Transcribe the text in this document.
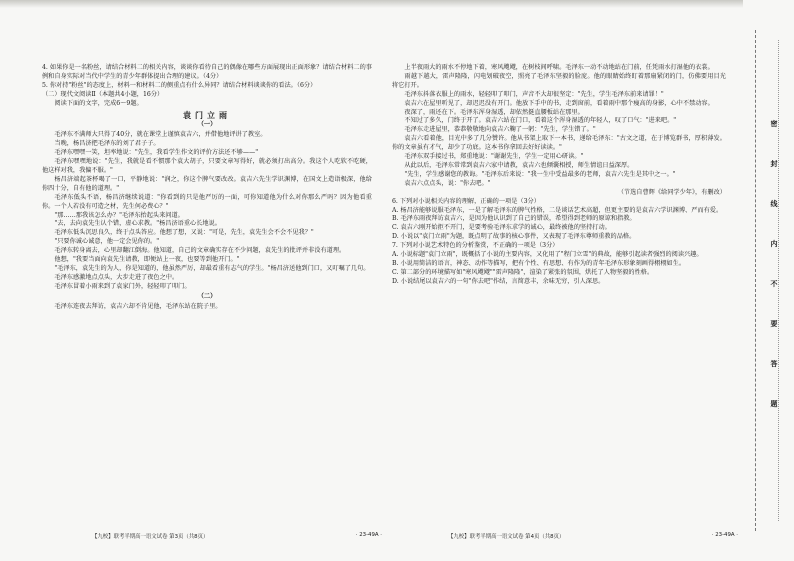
4. 如果你是一名粉丝，请结合材料二的相关内容，谈谈你看待自己的偶像在哪些方面展现出正面形象？请结合材料二的事例和自身实际对当代中学生的青少年群体提出合理的建议。（4分）

5. 你对持"粉丝"的态度上，材料一和材料二的侧重点有什么异同？请结合材料谈谈你的看法。（6分）

（二）现代文阅读Ⅱ（本题共4小题，16分）

阅读下面的文字，完成6～9题。

袁门立雨
（一）

毛泽东不满师大只得了40分，就在课堂上谨慎袁吉六，并借他地评讲了教室。

当晚，杨昌济把毛泽东的刘了君子子。

毛泽东嘿嘿一笑，坦率地说："先生，我看学生作文的评价方法还不够——"

毛泽东嘿嘿地说："先生，我就是看不惯那个袁大胡子，只要文章写得好，就必须打出高分。我这个人吃软不吃硬，他这样对我，我偏不服。"

杨昌济端起茶杯喝了一口，平静地说："润之，你这个脾气要改改。袁吉六先生学识渊博，在国文上造诣极深，他给你四十分，自有他的道理。"

毛泽东低头不语，杨昌济继续说道："你看到的只是他严厉的一面，可你知道他为什么对你那么严吗？因为他看重你。一个人若没有可造之材，先生何必费心？"

"那……那我该怎么办？"毛泽东抬起头来问道。

"去，去向袁先生认个错，虚心求教。"杨昌济语重心长地说。

毛泽东低头沉思良久，终于点头答应。他想了想，又说："可是，先生，袁先生会不会不见我？"

"只要你诚心诚意，他一定会见你的。"

毛泽东转身离去，心里却翻江倒海。他知道，自己的文章确实存在不少问题，袁先生的批评并非没有道理。

他想，"我要当面向袁先生请教，即便站上一夜，也要等到他开门。"

"毛泽东，袁先生的为人，你是知道的，他虽然严厉，却最看重有志气的学生。"杨昌济送他到门口，又叮嘱了几句。

毛泽东感激地点点头，大步走进了夜色之中。

毛泽东冒着小雨来到了袁家门外，轻轻叩了叩门。

（二）

毛泽东连夜去拜访，袁吉六却不肯见他，毛泽东站在院子里。

上半夜雨大的雨水不停地下着，寒风飕飕，在树枝间呼啸。毛泽东一动不动地站在门前，任凭雨水打湿他的衣裳。

雨越下越大，雷声隆隆，闪电划破夜空，照亮了毛泽东坚毅的脸庞。他的眼睛始终盯着那扇紧闭的门，仿佛要用目光将它打开。

毛泽东抖落衣服上的雨水，轻轻叩了叩门，声音不大却很坚定："先生，学生毛泽东前来请罪！"

袁吉六在屋里听见了，却迟迟没有开门。他放下手中的书，走到窗前，看着雨中那个瘦高的身影，心中不禁动容。

夜深了，雨还在下。毛泽东浑身湿透，却依然挺直腰板站在那里。

不知过了多久，门终于开了。袁吉六站在门口，看着这个浑身湿透的年轻人，叹了口气："进来吧。"

毛泽东走进屋里，恭恭敬敬地向袁吉六鞠了一躬："先生，学生错了。"

袁吉六看着他，目光中多了几分赞许。他从书架上取下一本书，递给毛泽东："古文之道，在于博览群书，厚积薄发。你的文章虽有才气，却少了功底。这本书你拿回去好好读读。"

毛泽东双手接过书，郑重地说："谢谢先生，学生一定用心研读。"

从此以后，毛泽东常常到袁吉六家中请教，袁吉六也倾囊相授，师生情谊日益深厚。

"先生，学生感谢您的教诲。"毛泽东后来说："我一生中受益最多的老师，袁吉六先生是其中之一。"

袁吉六点点头，说："你去吧。"

（节选自曹辉《给同学少年》，有删改）

6. 下列对小说相关内容的理解，正确的一项是（3分）

A. 杨昌济能够说服毛泽东，一是了解毛泽东的脾气性格，二是谈话艺术高超，但更主要的是袁吉六学识渊博、严而有爱。

B. 毛泽东雨夜拜访袁吉六，是因为他认识到了自己的错误，希望得到老师的原谅和指教。

C. 袁吉六刚开始拒不开门，是要考验毛泽东求学的诚心，最终被他的坚持打动。

D. 小说以"袁门立雨"为题，既点明了故事的核心事件，又表现了毛泽东尊师重教的品格。

7. 下列对小说艺术特色的分析鉴赏，不正确的一项是（3分）

A. 小说标题"袁门立雨"，既概括了小说的主要内容，又化用了"程门立雪"的典故，能够引起读者强烈的阅读兴趣。

B. 小说用简洁的语言，神态、动作等描写，把有个性、有思想、有作为的青年毛泽东形象刻画得栩栩如生。

C. 第二部分的环境描写如"寒风飕飕""雷声隆隆"，渲染了紧张的氛围，烘托了人物坚毅的性格。

D. 小说结尾以袁吉六的一句"你去吧"作结，言简意丰，余味无穷，引人深思。

【九校】联考半期高一语文试卷 第3页（共8页）	· 23-49A ·	【九校】联考半期高一语文试卷 第4页（共8页）	· 23-49A ·
密
封
线
内
不
要
答
题
